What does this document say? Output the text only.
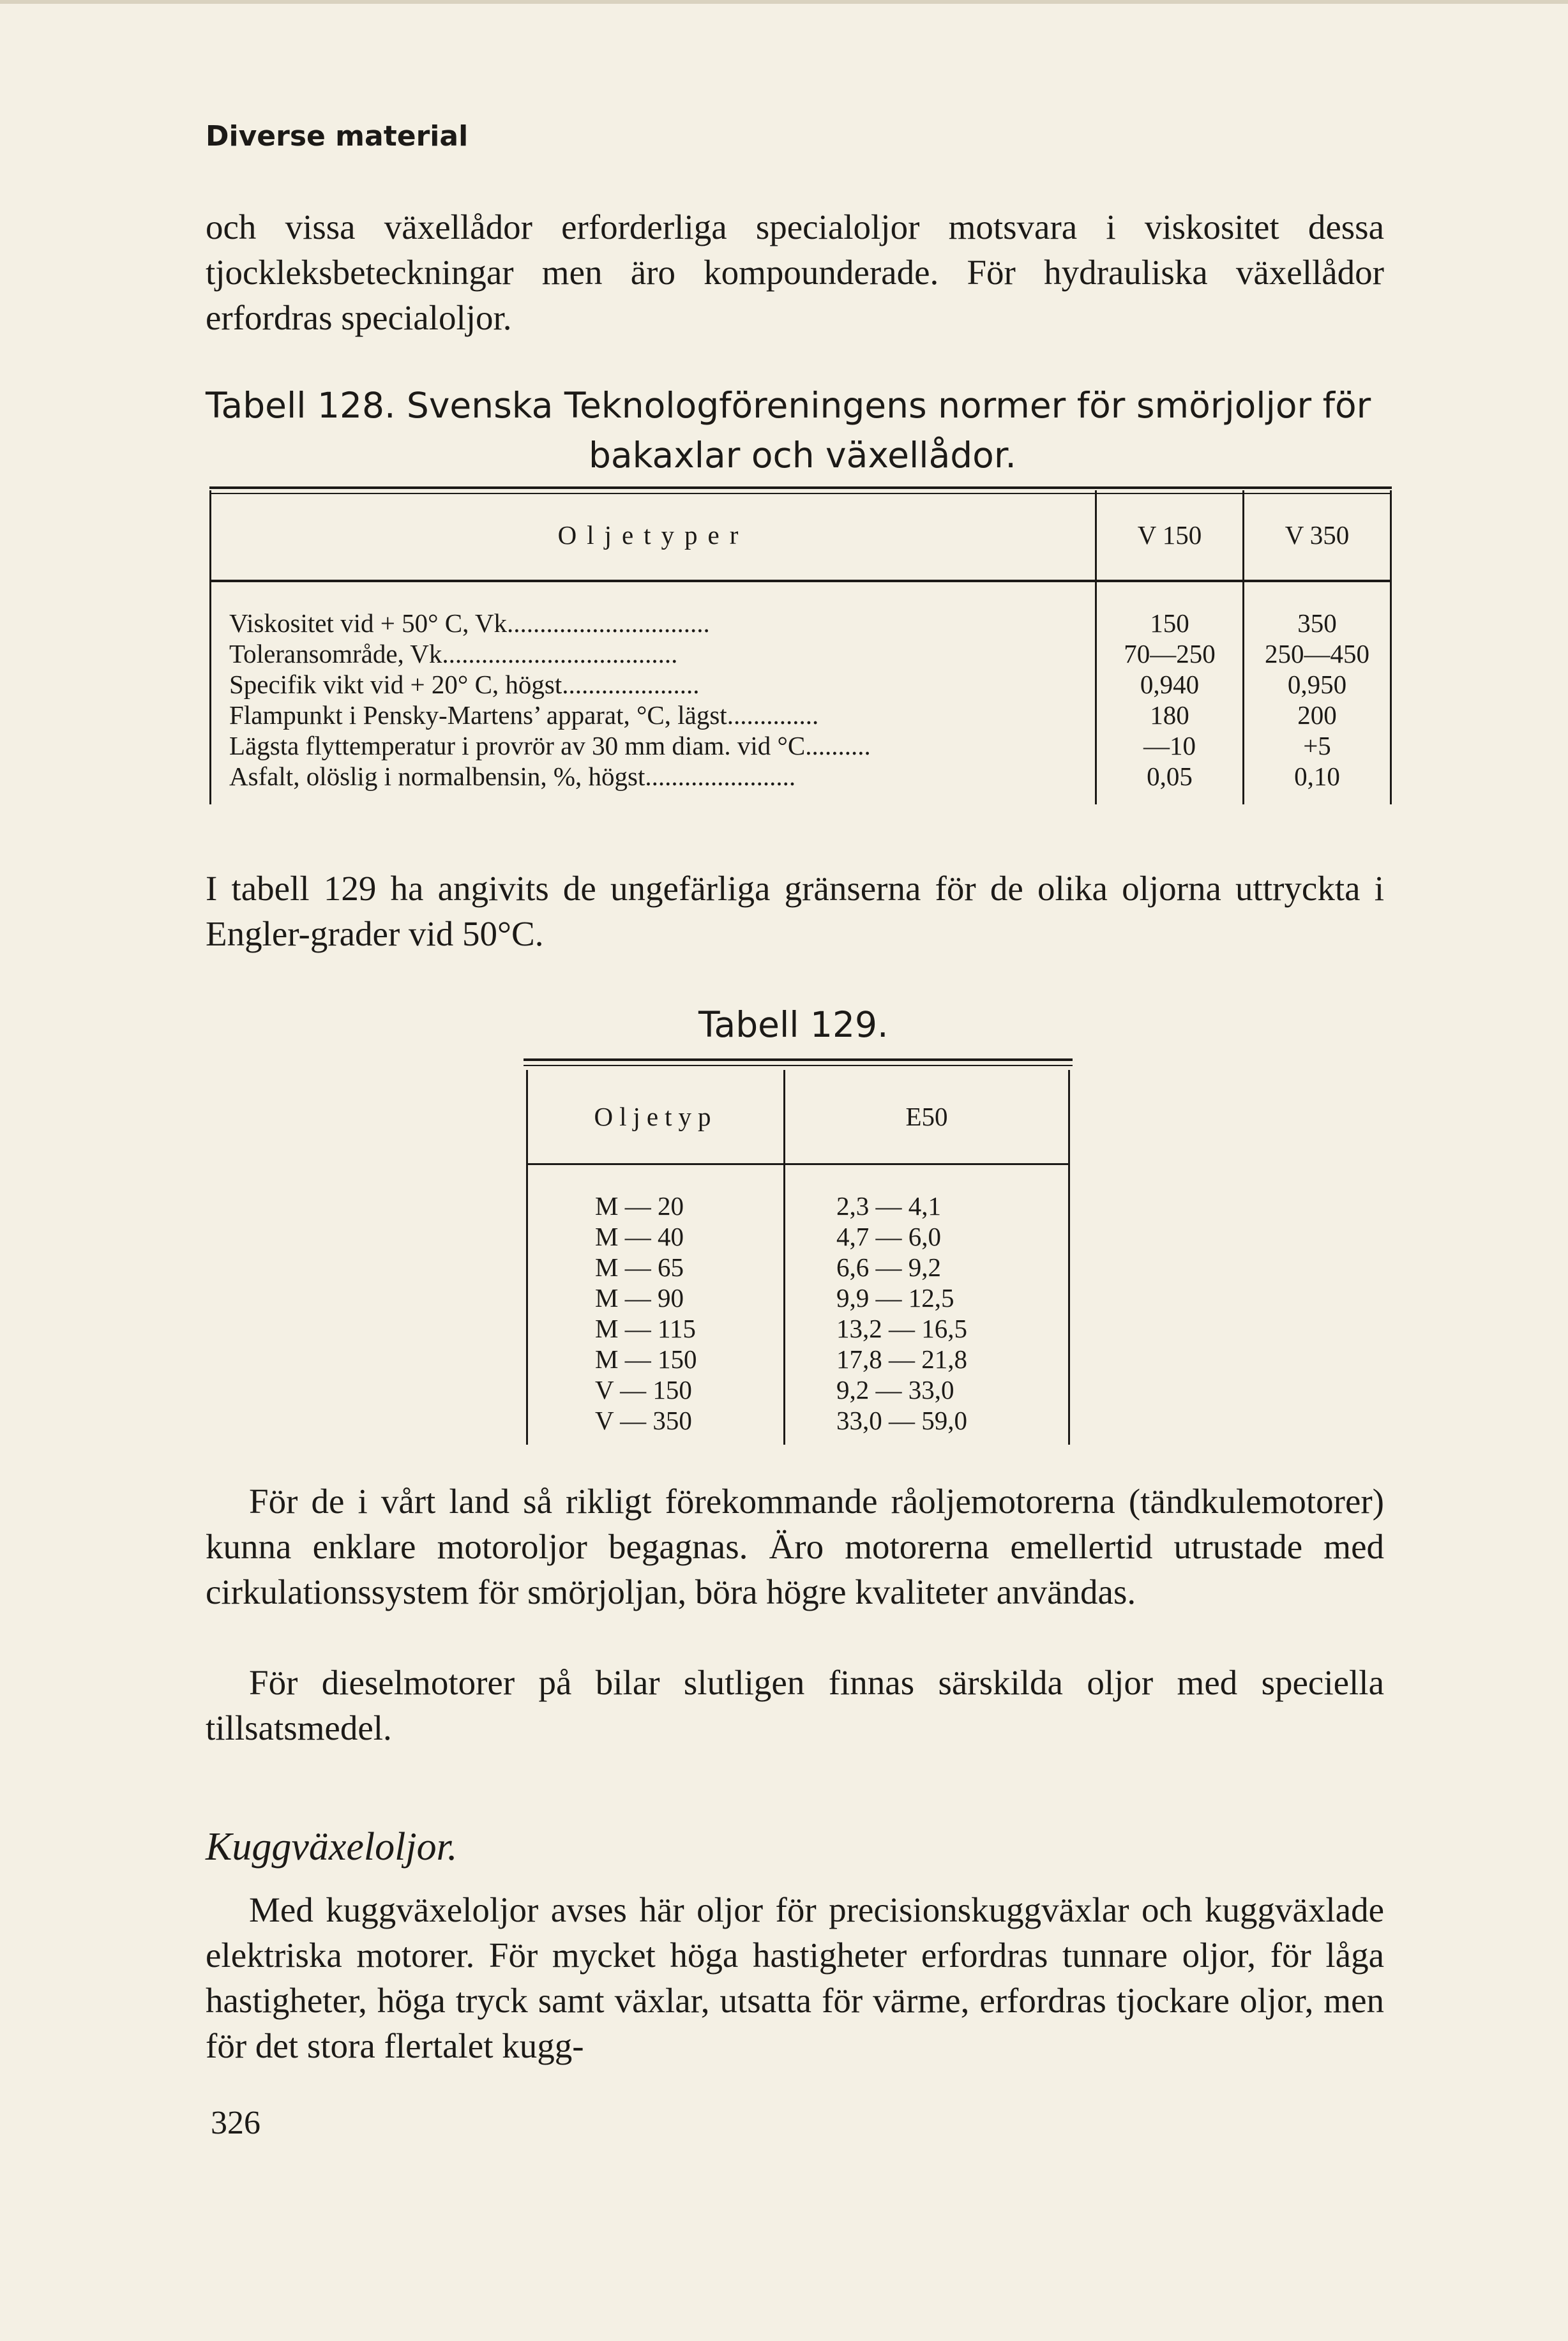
Diverse material

och vissa växellådor erforderliga specialoljor motsvara i viskositet dessa tjockleksbeteckningar men äro kompounderade. För hydrauliska växellådor erfordras specialoljor.

Tabell 128. Svenska Teknologföreningens normer för smörjoljor för
bakaxlar och växellådor.
Oljetyper	V 150	V 350

Viskositet vid + 50° C, Vk...............................	150	350
Toleransområde, Vk....................................	70—250	250—450
Specifik vikt vid + 20° C, högst.....................	0,940	0,950
Flampunkt i Pensky-Martens’ apparat, °C, lägst..............	180	200
Lägsta flyttemperatur i provrör av 30 mm diam. vid °C..........	—10	+5
Asfalt, olöslig i normalbensin, %, högst.......................	0,05	0,10

I tabell 129 ha angivits de ungefärliga gränserna för de olika oljorna uttryckta i Engler-grader vid 50°C.

Tabell 129.
Oljetyp	E50

M — 20	2,3 — 4,1
M — 40	4,7 — 6,0
M — 65	6,6 — 9,2
M — 90	9,9 — 12,5
M — 115	13,2 — 16,5
M — 150	17,8 — 21,8
V — 150	9,2 — 33,0
V — 350	33,0 — 59,0

För de i vårt land så rikligt förekommande råoljemotorerna (tändkulemotorer) kunna enklare motoroljor begagnas. Äro motorerna emellertid utrustade med cirkulationssystem för smörjoljan, böra högre kvaliteter användas.

För dieselmotorer på bilar slutligen finnas särskilda oljor med speciella tillsatsmedel.

Kuggväxeloljor.

Med kuggväxeloljor avses här oljor för precisionskuggväxlar och kuggväxlade elektriska motorer. För mycket höga hastigheter erfordras tunnare oljor, för låga hastigheter, höga tryck samt växlar, utsatta för värme, erfordras tjockare oljor, men för det stora flertalet kugg-

326
